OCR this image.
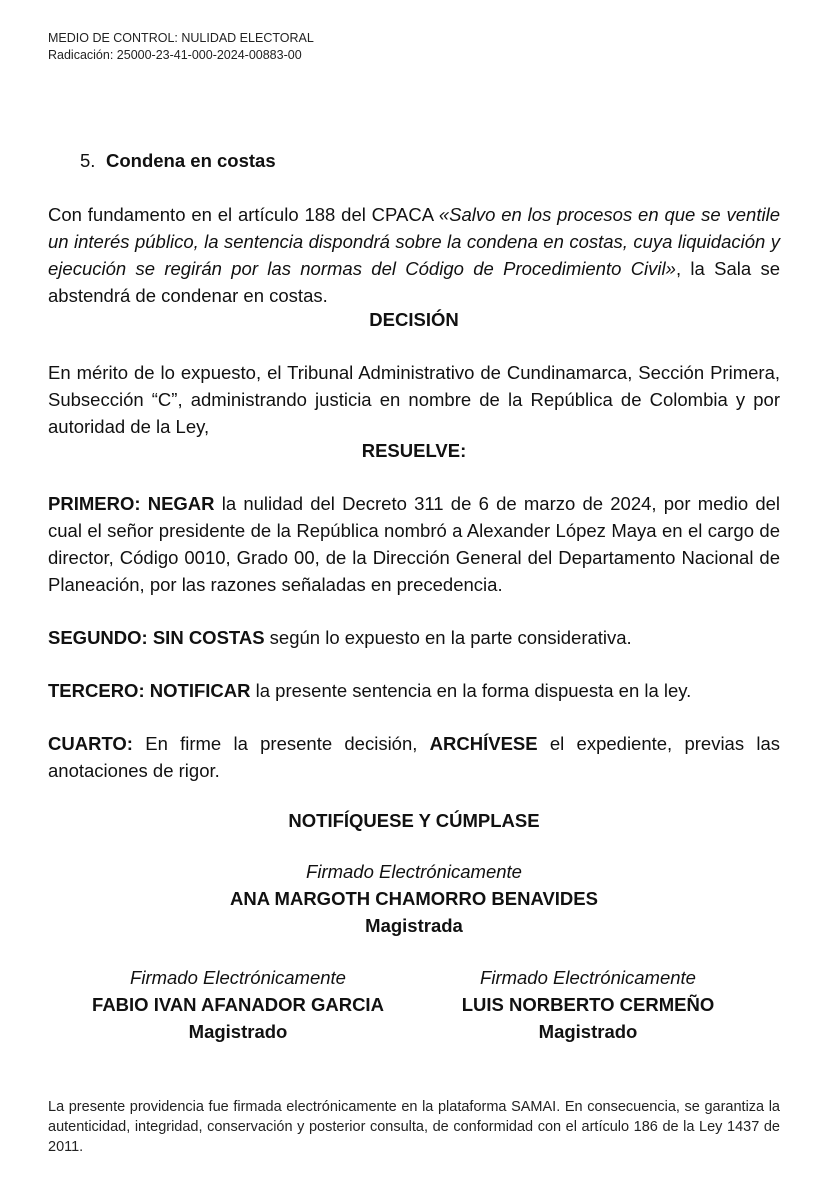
MEDIO DE CONTROL: NULIDAD ELECTORAL
Radicación: 25000-23-41-000-2024-00883-00
5. Condena en costas
Con fundamento en el artículo 188 del CPACA «Salvo en los procesos en que se ventile un interés público, la sentencia dispondrá sobre la condena en costas, cuya liquidación y ejecución se regirán por las normas del Código de Procedimiento Civil», la Sala se abstendrá de condenar en costas.
DECISIÓN
En mérito de lo expuesto, el Tribunal Administrativo de Cundinamarca, Sección Primera, Subsección “C”, administrando justicia en nombre de la República de Colombia y por autoridad de la Ley,
RESUELVE:
PRIMERO: NEGAR la nulidad del Decreto 311 de 6 de marzo de 2024, por medio del cual el señor presidente de la República nombró a Alexander López Maya en el cargo de director, Código 0010, Grado 00, de la Dirección General del Departamento Nacional de Planeación, por las razones señaladas en precedencia.
SEGUNDO: SIN COSTAS según lo expuesto en la parte considerativa.
TERCERO: NOTIFICAR la presente sentencia en la forma dispuesta en la ley.
CUARTO: En firme la presente decisión, ARCHÍVESE el expediente, previas las anotaciones de rigor.
NOTIFÍQUESE Y CÚMPLASE
Firmado Electrónicamente
ANA MARGOTH CHAMORRO BENAVIDES
Magistrada
Firmado Electrónicamente
FABIO IVAN AFANADOR GARCIA
Magistrado
Firmado Electrónicamente
LUIS NORBERTO CERMEÑO
Magistrado
La presente providencia fue firmada electrónicamente en la plataforma SAMAI. En consecuencia, se garantiza la autenticidad, integridad, conservación y posterior consulta, de conformidad con el artículo 186 de la Ley 1437 de 2011.
